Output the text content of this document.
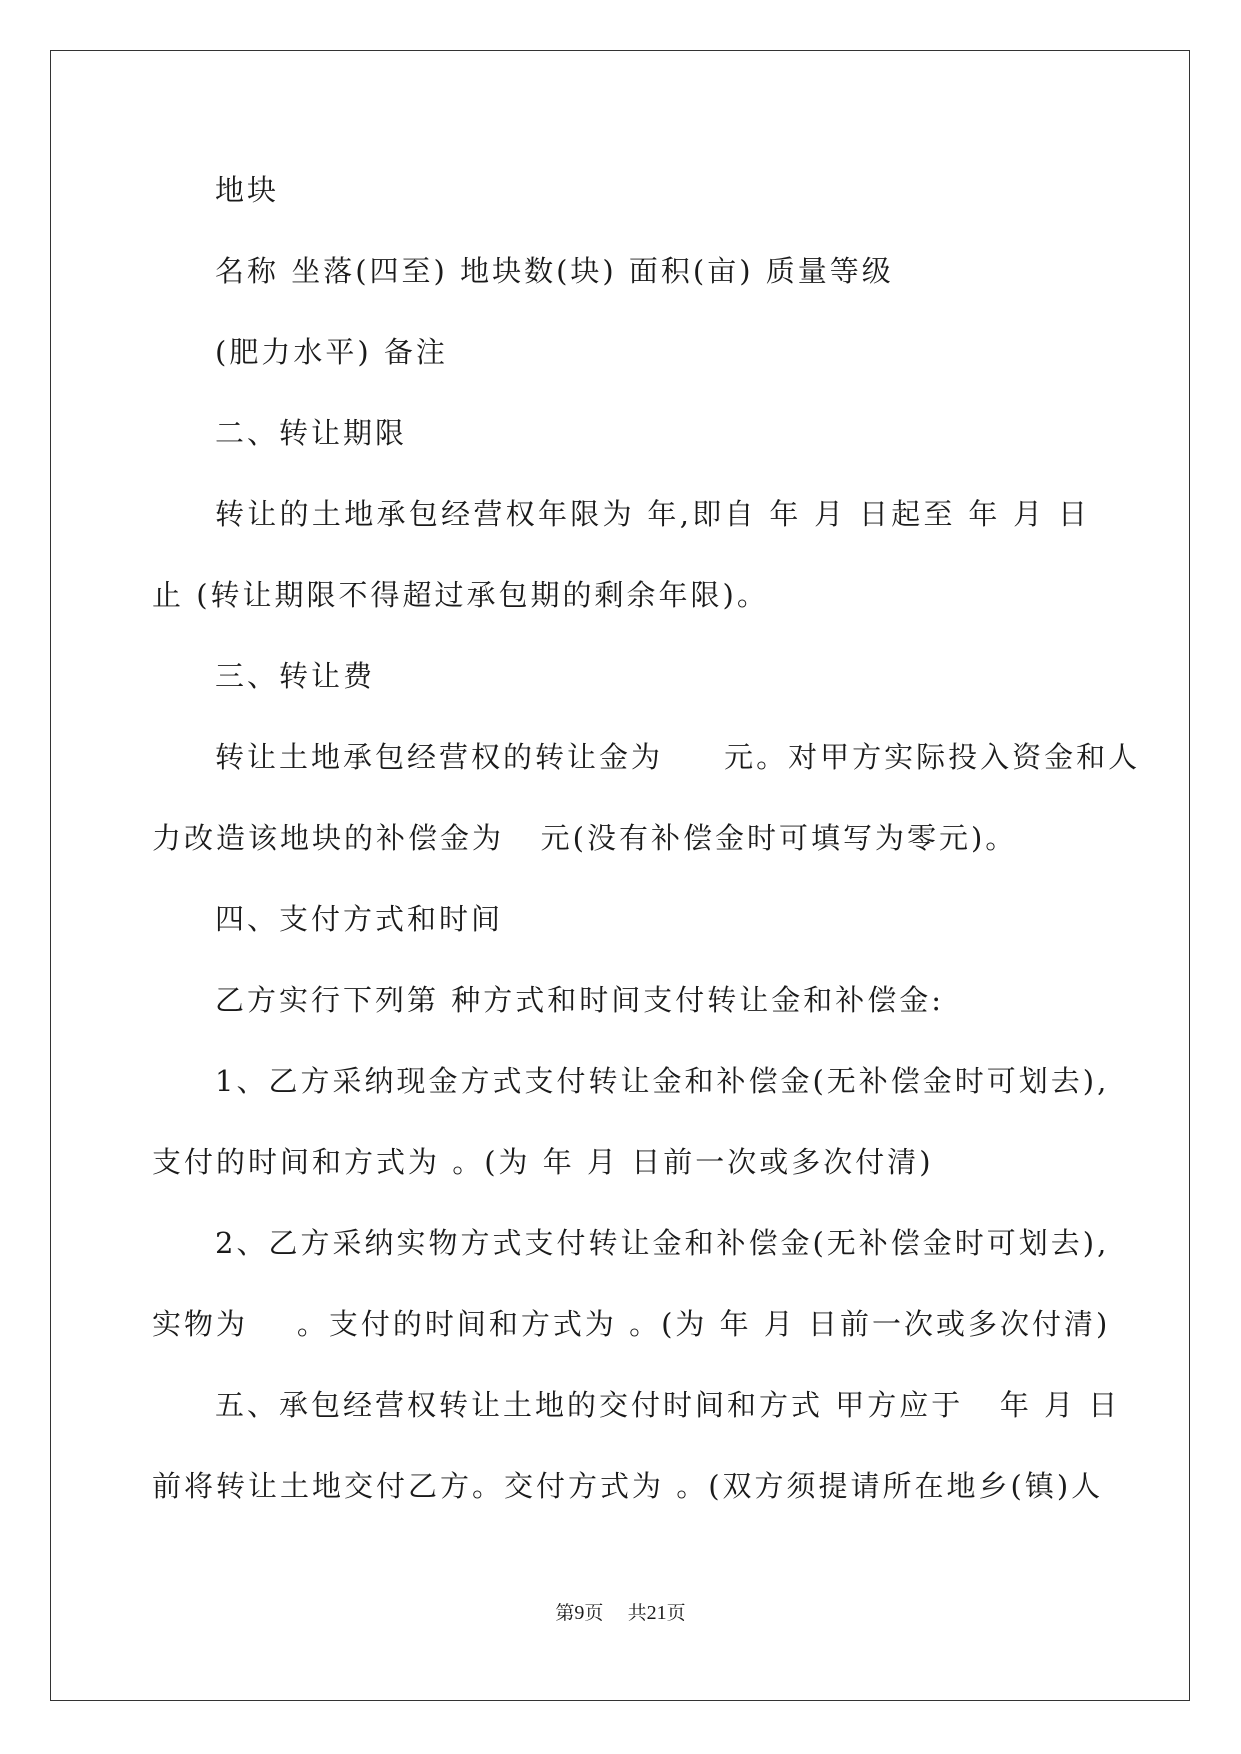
地块
名称 坐落(四至) 地块数(块) 面积(亩) 质量等级
(肥力水平) 备注
二、转让期限
转让的土地承包经营权年限为 年,即自 年 月 日起至 年 月 日
止 (转让期限不得超过承包期的剩余年限)。
三、转让费
转让土地承包经营权的转让金为     元。对甲方实际投入资金和人
力改造该地块的补偿金为   元(没有补偿金时可填写为零元)。
四、支付方式和时间
乙方实行下列第 种方式和时间支付转让金和补偿金:
1、乙方采纳现金方式支付转让金和补偿金(无补偿金时可划去),
支付的时间和方式为 。(为 年 月 日前一次或多次付清)
2、乙方采纳实物方式支付转让金和补偿金(无补偿金时可划去),
实物为    。支付的时间和方式为 。(为 年 月 日前一次或多次付清)
五、承包经营权转让土地的交付时间和方式 甲方应于   年 月 日
前将转让土地交付乙方。交付方式为 。(双方须提请所在地乡(镇)人
第9页    共21页
